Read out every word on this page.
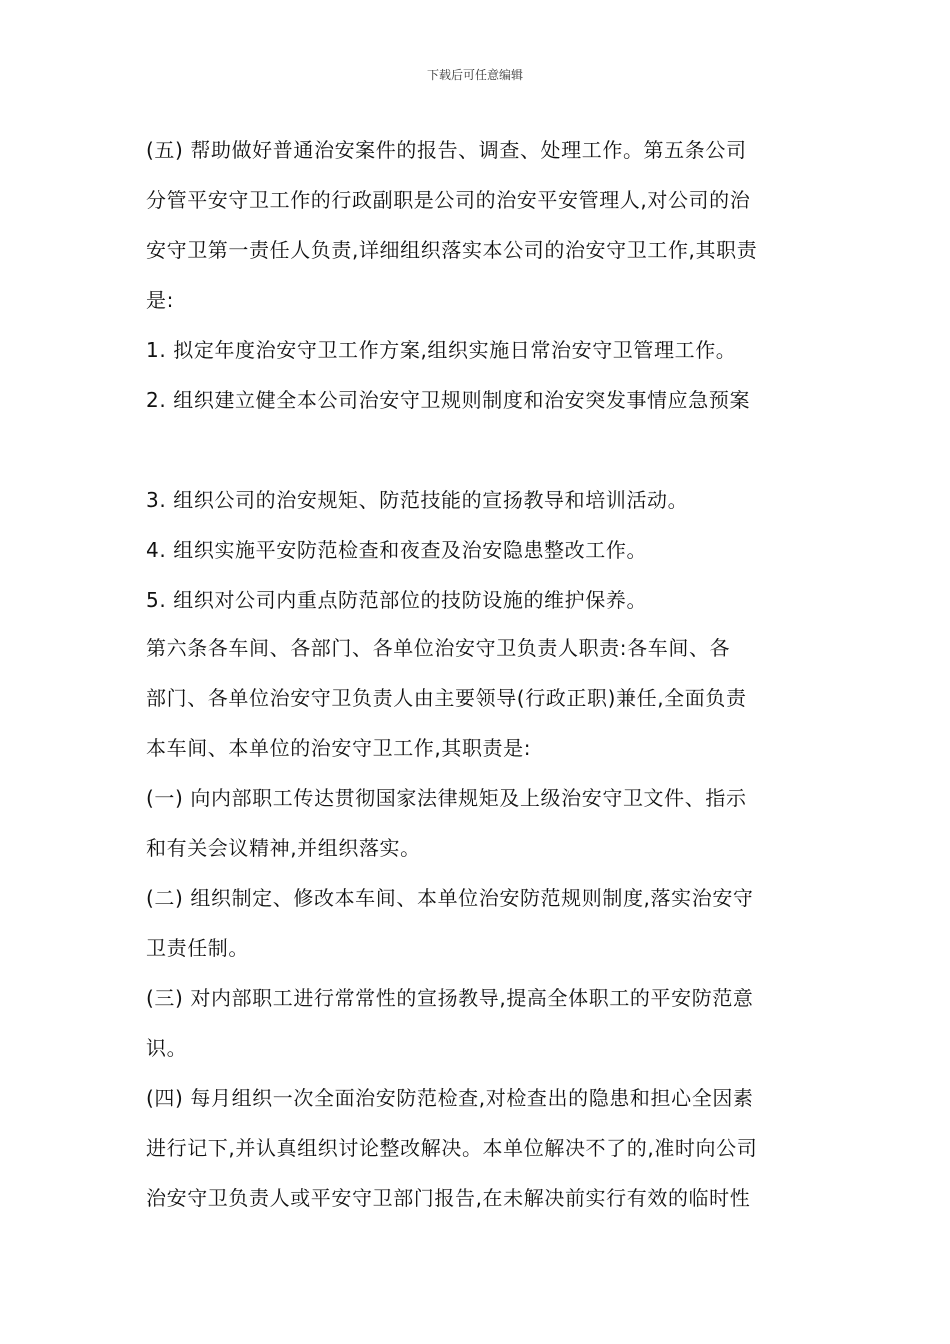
下载后可任意编辑
(五) 帮助做好普通治安案件的报告、调查、处理工作。第五条公司
分管平安守卫工作的行政副职是公司的治安平安管理人,对公司的治
安守卫第一责任人负责,详细组织落实本公司的治安守卫工作,其职责
是:
1. 拟定年度治安守卫工作方案,组织实施日常治安守卫管理工作。
2. 组织建立健全本公司治安守卫规则制度和治安突发事情应急预案
3. 组织公司的治安规矩、防范技能的宣扬教导和培训活动。
4. 组织实施平安防范检查和夜查及治安隐患整改工作。
5. 组织对公司内重点防范部位的技防设施的维护保养。
第六条各车间、各部门、各单位治安守卫负责人职责:各车间、各
部门、各单位治安守卫负责人由主要领导(行政正职)兼任,全面负责
本车间、本单位的治安守卫工作,其职责是:
(一) 向内部职工传达贯彻国家法律规矩及上级治安守卫文件、指示
和有关会议精神,并组织落实。
(二) 组织制定、修改本车间、本单位治安防范规则制度,落实治安守
卫责任制。
(三) 对内部职工进行常常性的宣扬教导,提高全体职工的平安防范意
识。
(四) 每月组织一次全面治安防范检查,对检查出的隐患和担心全因素
进行记下,并认真组织讨论整改解决。本单位解决不了的,准时向公司
治安守卫负责人或平安守卫部门报告,在未解决前实行有效的临时性
